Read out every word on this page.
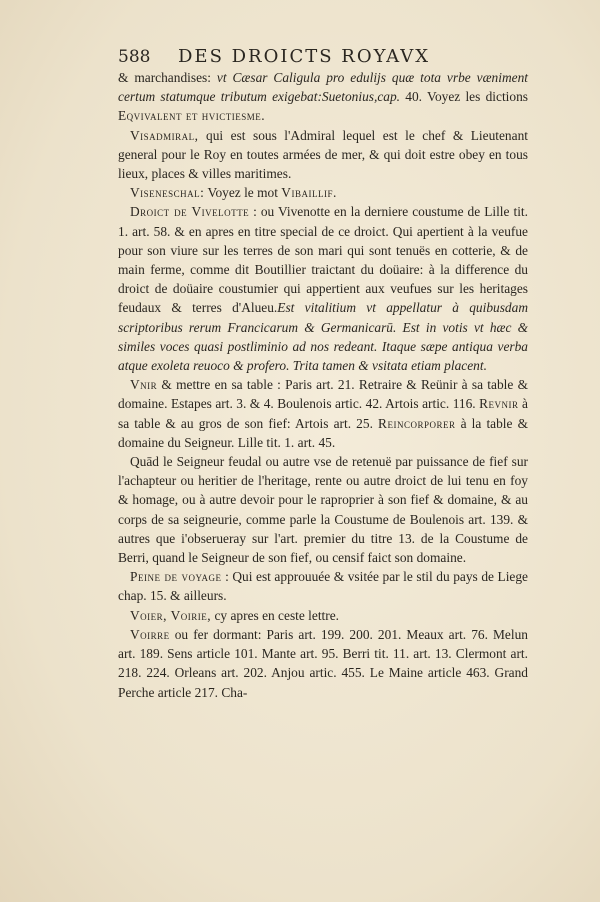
588	DES DROICTS ROYAVX

& marchandises: vt Cæsar Caligula pro edulijs quæ tota vrbe væniment certum statumque tributum exigebat:Suetonius,cap. 40. Voyez les dictions Eqvivalent et hvictiesme.

Visadmiral, qui est sous l'Admiral lequel est le chef & Lieutenant general pour le Roy en toutes armées de mer, & qui doit estre obey en tous lieux, places & villes maritimes.

Viseneschal: Voyez le mot Vibaillif.

Droict de Vivelotte : ou Vivenotte en la derniere coustume de Lille tit. 1. art. 58. & en apres en titre special de ce droict. Qui apertient à la veufue pour son viure sur les terres de son mari qui sont tenuës en cotterie, & de main ferme, comme dit Boutillier traictant du doüaire: à la difference du droict de doüaire coustumier qui appertient aux veufues sur les heritages feudaux & terres d'Alueu.Est vitalitium vt appellatur à quibusdam scriptoribus rerum Francicarum & Germanicarū. Est in votis vt hæc & similes voces quasi postliminio ad nos redeant. Itaque sæpe antiqua verba atque exoleta reuoco & profero. Trita tamen & vsitata etiam placent.

Vnir & mettre en sa table : Paris art. 21. Retraire & Reünir à sa table & domaine. Estapes art. 3. & 4. Boulenois artic. 42. Artois artic. 116. Revnir à sa table & au gros de son fief: Artois art. 25. Reincorporer à la table & domaine du Seigneur. Lille tit. 1. art. 45.

Quād le Seigneur feudal ou autre vse de retenuë par puissance de fief sur l'achapteur ou heritier de l'heritage, rente ou autre droict de lui tenu en foy & homage, ou à autre devoir pour le raproprier à son fief & domaine, & au corps de sa seigneurie, comme parle la Coustume de Boulenois art. 139. & autres que i'obserueray sur l'art. premier du titre 13. de la Coustume de Berri, quand le Seigneur de son fief, ou censif faict son domaine.

Peine de voyage : Qui est approuuée & vsitée par le stil du pays de Liege chap. 15. & ailleurs.

Voier, Voirie, cy apres en ceste lettre.

Voirre ou fer dormant: Paris art. 199. 200. 201. Meaux art. 76. Melun art. 189. Sens article 101. Mante art. 95. Berri tit. 11. art. 13. Clermont art. 218. 224. Orleans art. 202. Anjou artic. 455. Le Maine article 463. Grand Perche article 217. Cha-
